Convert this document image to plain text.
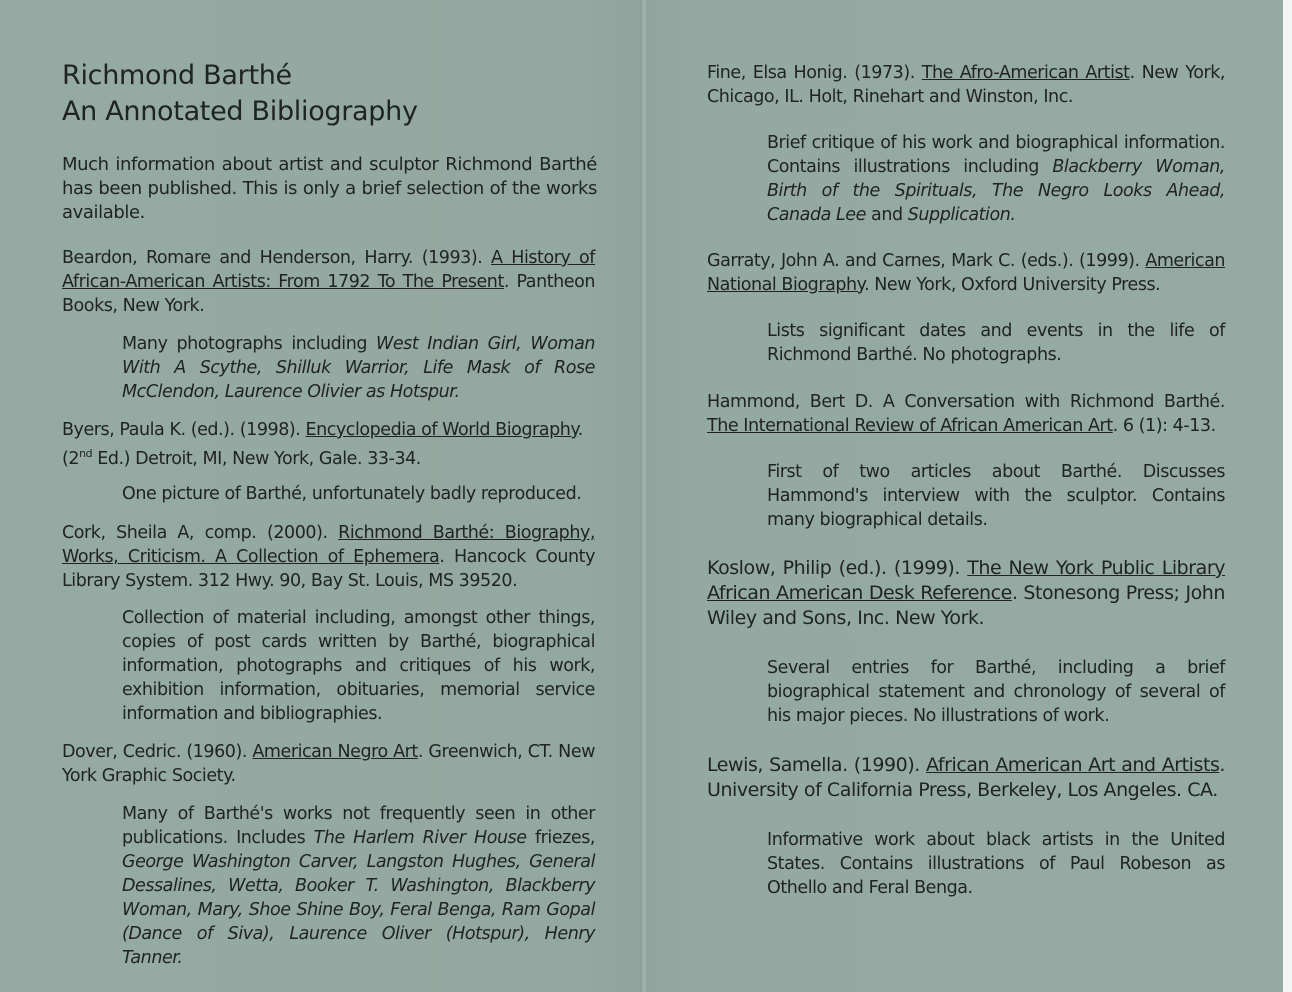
Richmond Barthé
An Annotated Bibliography

Much information about artist and sculptor Richmond Barthé has been published. This is only a brief selection of the works available.

Beardon, Romare and Henderson, Harry. (1993). A History of African-American Artists: From 1792 To The Present. Pantheon Books, New York.

Many photographs including West Indian Girl, Woman With A Scythe, Shilluk Warrior, Life Mask of Rose McClendon, Laurence Olivier as Hotspur.

Byers, Paula K. (ed.). (1998). Encyclopedia of World Biography.
(2nd Ed.) Detroit, MI, New York, Gale. 33-34.

One picture of Barthé, unfortunately badly reproduced.

Cork, Sheila A, comp. (2000). Richmond Barthé: Biography, Works, Criticism. A Collection of Ephemera. Hancock County Library System. 312 Hwy. 90, Bay St. Louis, MS 39520.

Collection of material including, amongst other things, copies of post cards written by Barthé, biographical information, photographs and critiques of his work, exhibition information, obituaries, memorial service information and bibliographies.

Dover, Cedric. (1960). American Negro Art. Greenwich, CT. New York Graphic Society.

Many of Barthé's works not frequently seen in other publications. Includes The Harlem River House friezes, George Washington Carver, Langston Hughes, General Dessalines, Wetta, Booker T. Washington, Blackberry Woman, Mary, Shoe Shine Boy, Feral Benga, Ram Gopal (Dance of Siva), Laurence Oliver (Hotspur), Henry Tanner.

Fine, Elsa Honig. (1973). The Afro-American Artist. New York, Chicago, IL. Holt, Rinehart and Winston, Inc.

Brief critique of his work and biographical information. Contains illustrations including Blackberry Woman, Birth of the Spirituals, The Negro Looks Ahead, Canada Lee and Supplication.

Garraty, John A. and Carnes, Mark C. (eds.). (1999). American National Biography. New York, Oxford University Press.

Lists significant dates and events in the life of Richmond Barthé. No photographs.

Hammond, Bert D. A Conversation with Richmond Barthé. The International Review of African American Art. 6 (1): 4-13.

First of two articles about Barthé. Discusses Hammond's interview with the sculptor. Contains many biographical details.

Koslow, Philip (ed.). (1999). The New York Public Library African American Desk Reference. Stonesong Press; John Wiley and Sons, Inc. New York.

Several entries for Barthé, including a brief biographical statement and chronology of several of his major pieces. No illustrations of work.

Lewis, Samella. (1990). African American Art and Artists. University of California Press, Berkeley, Los Angeles. CA.

Informative work about black artists in the United States. Contains illustrations of Paul Robeson as Othello and Feral Benga.
